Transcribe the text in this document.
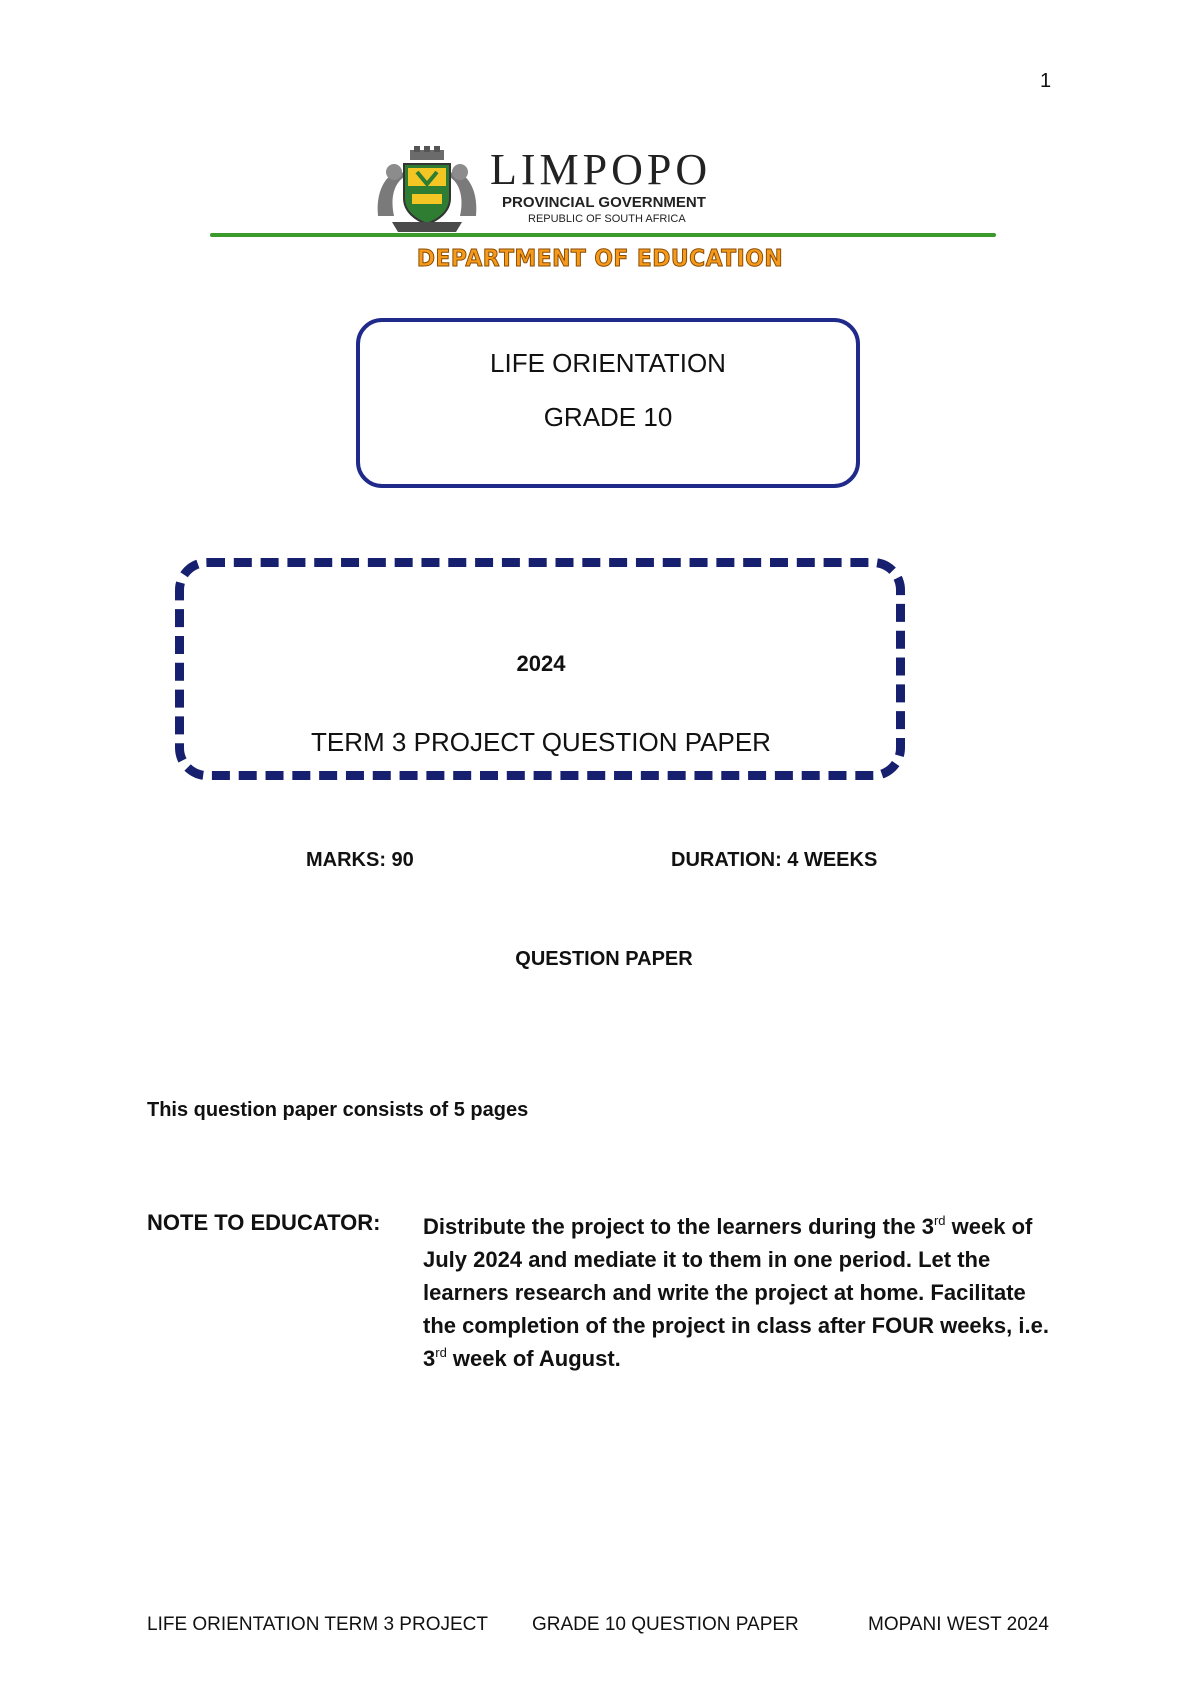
1
LIMPOPO
PROVINCIAL GOVERNMENT
REPUBLIC OF SOUTH AFRICA
DEPARTMENT OF EDUCATION
LIFE ORIENTATION
GRADE 10
2024
TERM 3 PROJECT QUESTION PAPER
MARKS: 90	DURATION: 4 WEEKS
QUESTION PAPER
This question paper consists of 5 pages
NOTE TO EDUCATOR: Distribute the project to the learners during the 3rd week of July 2024 and mediate it to them in one period. Let the learners research and write the project at home. Facilitate the completion of the project in class after FOUR weeks, i.e. 3rd week of August.
LIFE ORIENTATION TERM 3 PROJECT GRADE 10 QUESTION PAPER	MOPANI WEST 2024
